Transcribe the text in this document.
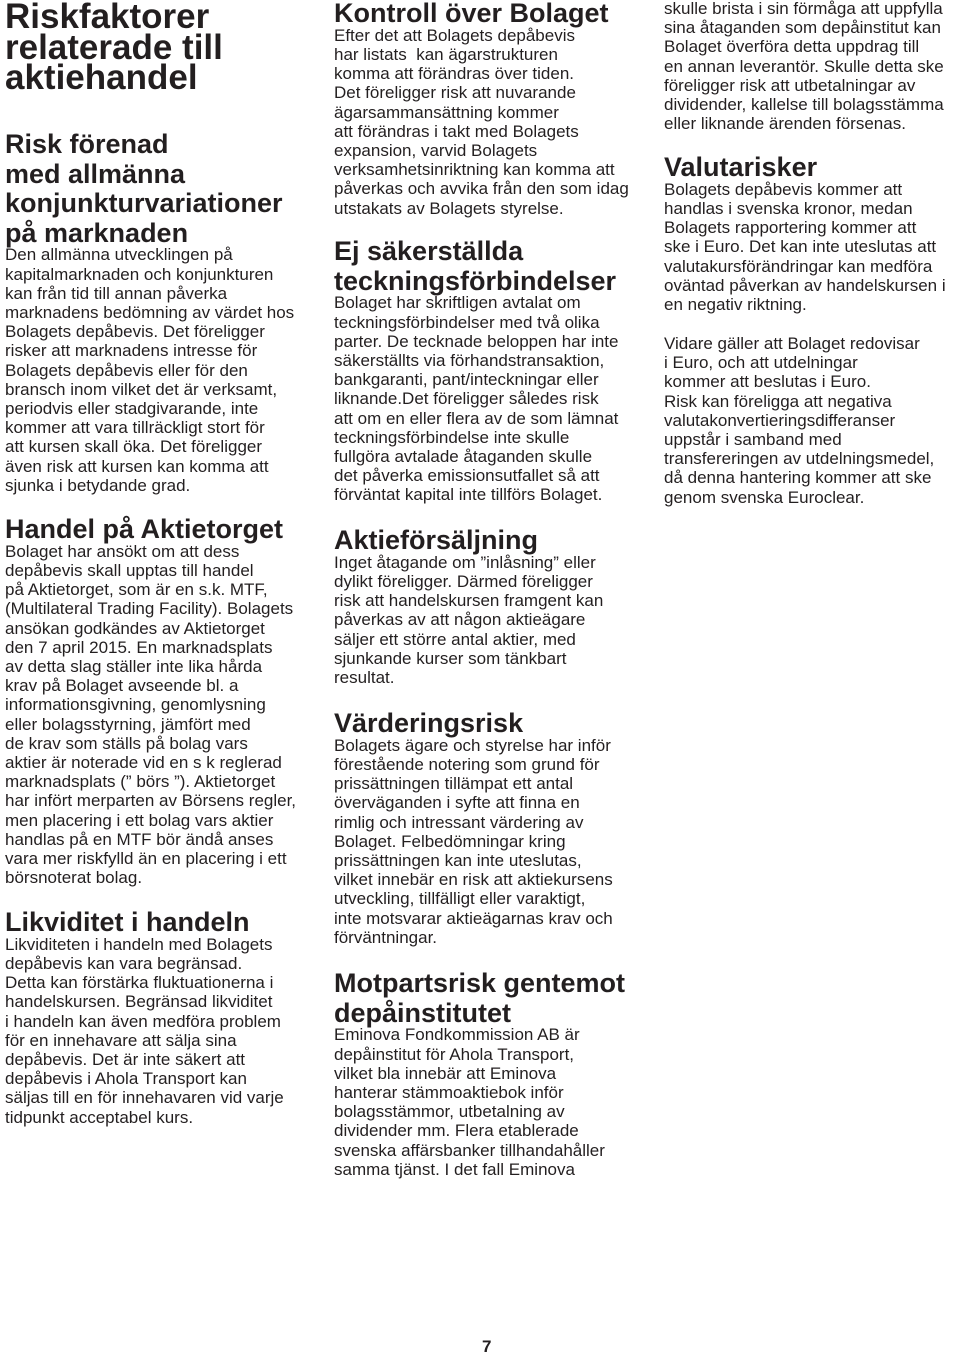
Riskfaktorer
relaterade till
aktiehandel
Risk förenad
med allmänna
konjunkturvariationer
på marknaden
Den allmänna utvecklingen på
kapitalmarknaden och konjunkturen
kan från tid till annan påverka
marknadens bedömning av värdet hos
Bolagets depåbevis. Det föreligger
risker att marknadens intresse för
Bolagets depåbevis eller för den
bransch inom vilket det är verksamt,
periodvis eller stadgivarande, inte
kommer att vara tillräckligt stort för
att kursen skall öka. Det föreligger
även risk att kursen kan komma att
sjunka i betydande grad.
Handel på Aktietorget
Bolaget har ansökt om att dess
depåbevis skall upptas till handel
på Aktietorget, som är en s.k. MTF,
(Multilateral Trading Facility). Bolagets
ansökan godkändes av Aktietorget
den 7 april 2015. En marknadsplats
av detta slag ställer inte lika hårda
krav på Bolaget avseende bl. a
informationsgivning, genomlysning
eller bolagsstyrning, jämfört med
de krav som ställs på bolag vars
aktier är noterade vid en s k reglerad
marknadsplats (” börs ”). Aktietorget
har infört merparten av Börsens regler,
men placering i ett bolag vars aktier
handlas på en MTF bör ändå anses
vara mer riskfylld än en placering i ett
börsnoterat bolag.
Likviditet i handeln
Likviditeten i handeln med Bolagets
depåbevis kan vara begränsad.
Detta kan förstärka fluktuationerna i
handelskursen. Begränsad likviditet
i handeln kan även medföra problem
för en innehavare att sälja sina
depåbevis. Det är inte säkert att
depåbevis i Ahola Transport kan
säljas till en för innehavaren vid varje
tidpunkt acceptabel kurs.
Kontroll över Bolaget
Efter det att Bolagets depåbevis
har listats  kan ägarstrukturen
komma att förändras över tiden.
Det föreligger risk att nuvarande
ägarsammansättning kommer
att förändras i takt med Bolagets
expansion, varvid Bolagets
verksamhetsinriktning kan komma att
påverkas och avvika från den som idag
utstakats av Bolagets styrelse.
Ej säkerställda
teckningsförbindelser
Bolaget har skriftligen avtalat om
teckningsförbindelser med två olika
parter. De tecknade beloppen har inte
säkerställts via förhandstransaktion,
bankgaranti, pant/inteckningar eller
liknande.Det föreligger således risk
att om en eller flera av de som lämnat
teckningsförbindelse inte skulle
fullgöra avtalade åtaganden skulle
det påverka emissionsutfallet så att
förväntat kapital inte tillförs Bolaget.
Aktieförsäljning
Inget åtagande om ”inlåsning” eller
dylikt föreligger. Därmed föreligger
risk att handelskursen framgent kan
påverkas av att någon aktieägare
säljer ett större antal aktier, med
sjunkande kurser som tänkbart
resultat.
Värderingsrisk
Bolagets ägare och styrelse har inför
förestående notering som grund för
prissättningen tillämpat ett antal
överväganden i syfte att finna en
rimlig och intressant värdering av
Bolaget. Felbedömningar kring
prissättningen kan inte uteslutas,
vilket innebär en risk att aktiekursens
utveckling, tillfälligt eller varaktigt,
inte motsvarar aktieägarnas krav och
förväntningar.
Motpartsrisk gentemot
depåinstitutet
Eminova Fondkommission AB är
depåinstitut för Ahola Transport,
vilket bla innebär att Eminova
hanterar stämmoaktiebok inför
bolagsstämmor, utbetalning av
dividender mm. Flera etablerade
svenska affärsbanker tillhandahåller
samma tjänst. I det fall Eminova
skulle brista i sin förmåga att uppfylla
sina åtaganden som depåinstitut kan
Bolaget överföra detta uppdrag till
en annan leverantör. Skulle detta ske
föreligger risk att utbetalningar av
dividender, kallelse till bolagsstämma
eller liknande ärenden försenas.
Valutarisker
Bolagets depåbevis kommer att
handlas i svenska kronor, medan
Bolagets rapportering kommer att
ske i Euro. Det kan inte uteslutas att
valutakursförändringar kan medföra
oväntad påverkan av handelskursen i
en negativ riktning.
Vidare gäller att Bolaget redovisar
i Euro, och att utdelningar
kommer att beslutas i Euro.
Risk kan föreligga att negativa
valutakonvertieringsdifferanser
uppstår i samband med
transfereringen av utdelningsmedel,
då denna hantering kommer att ske
genom svenska Euroclear.
7
